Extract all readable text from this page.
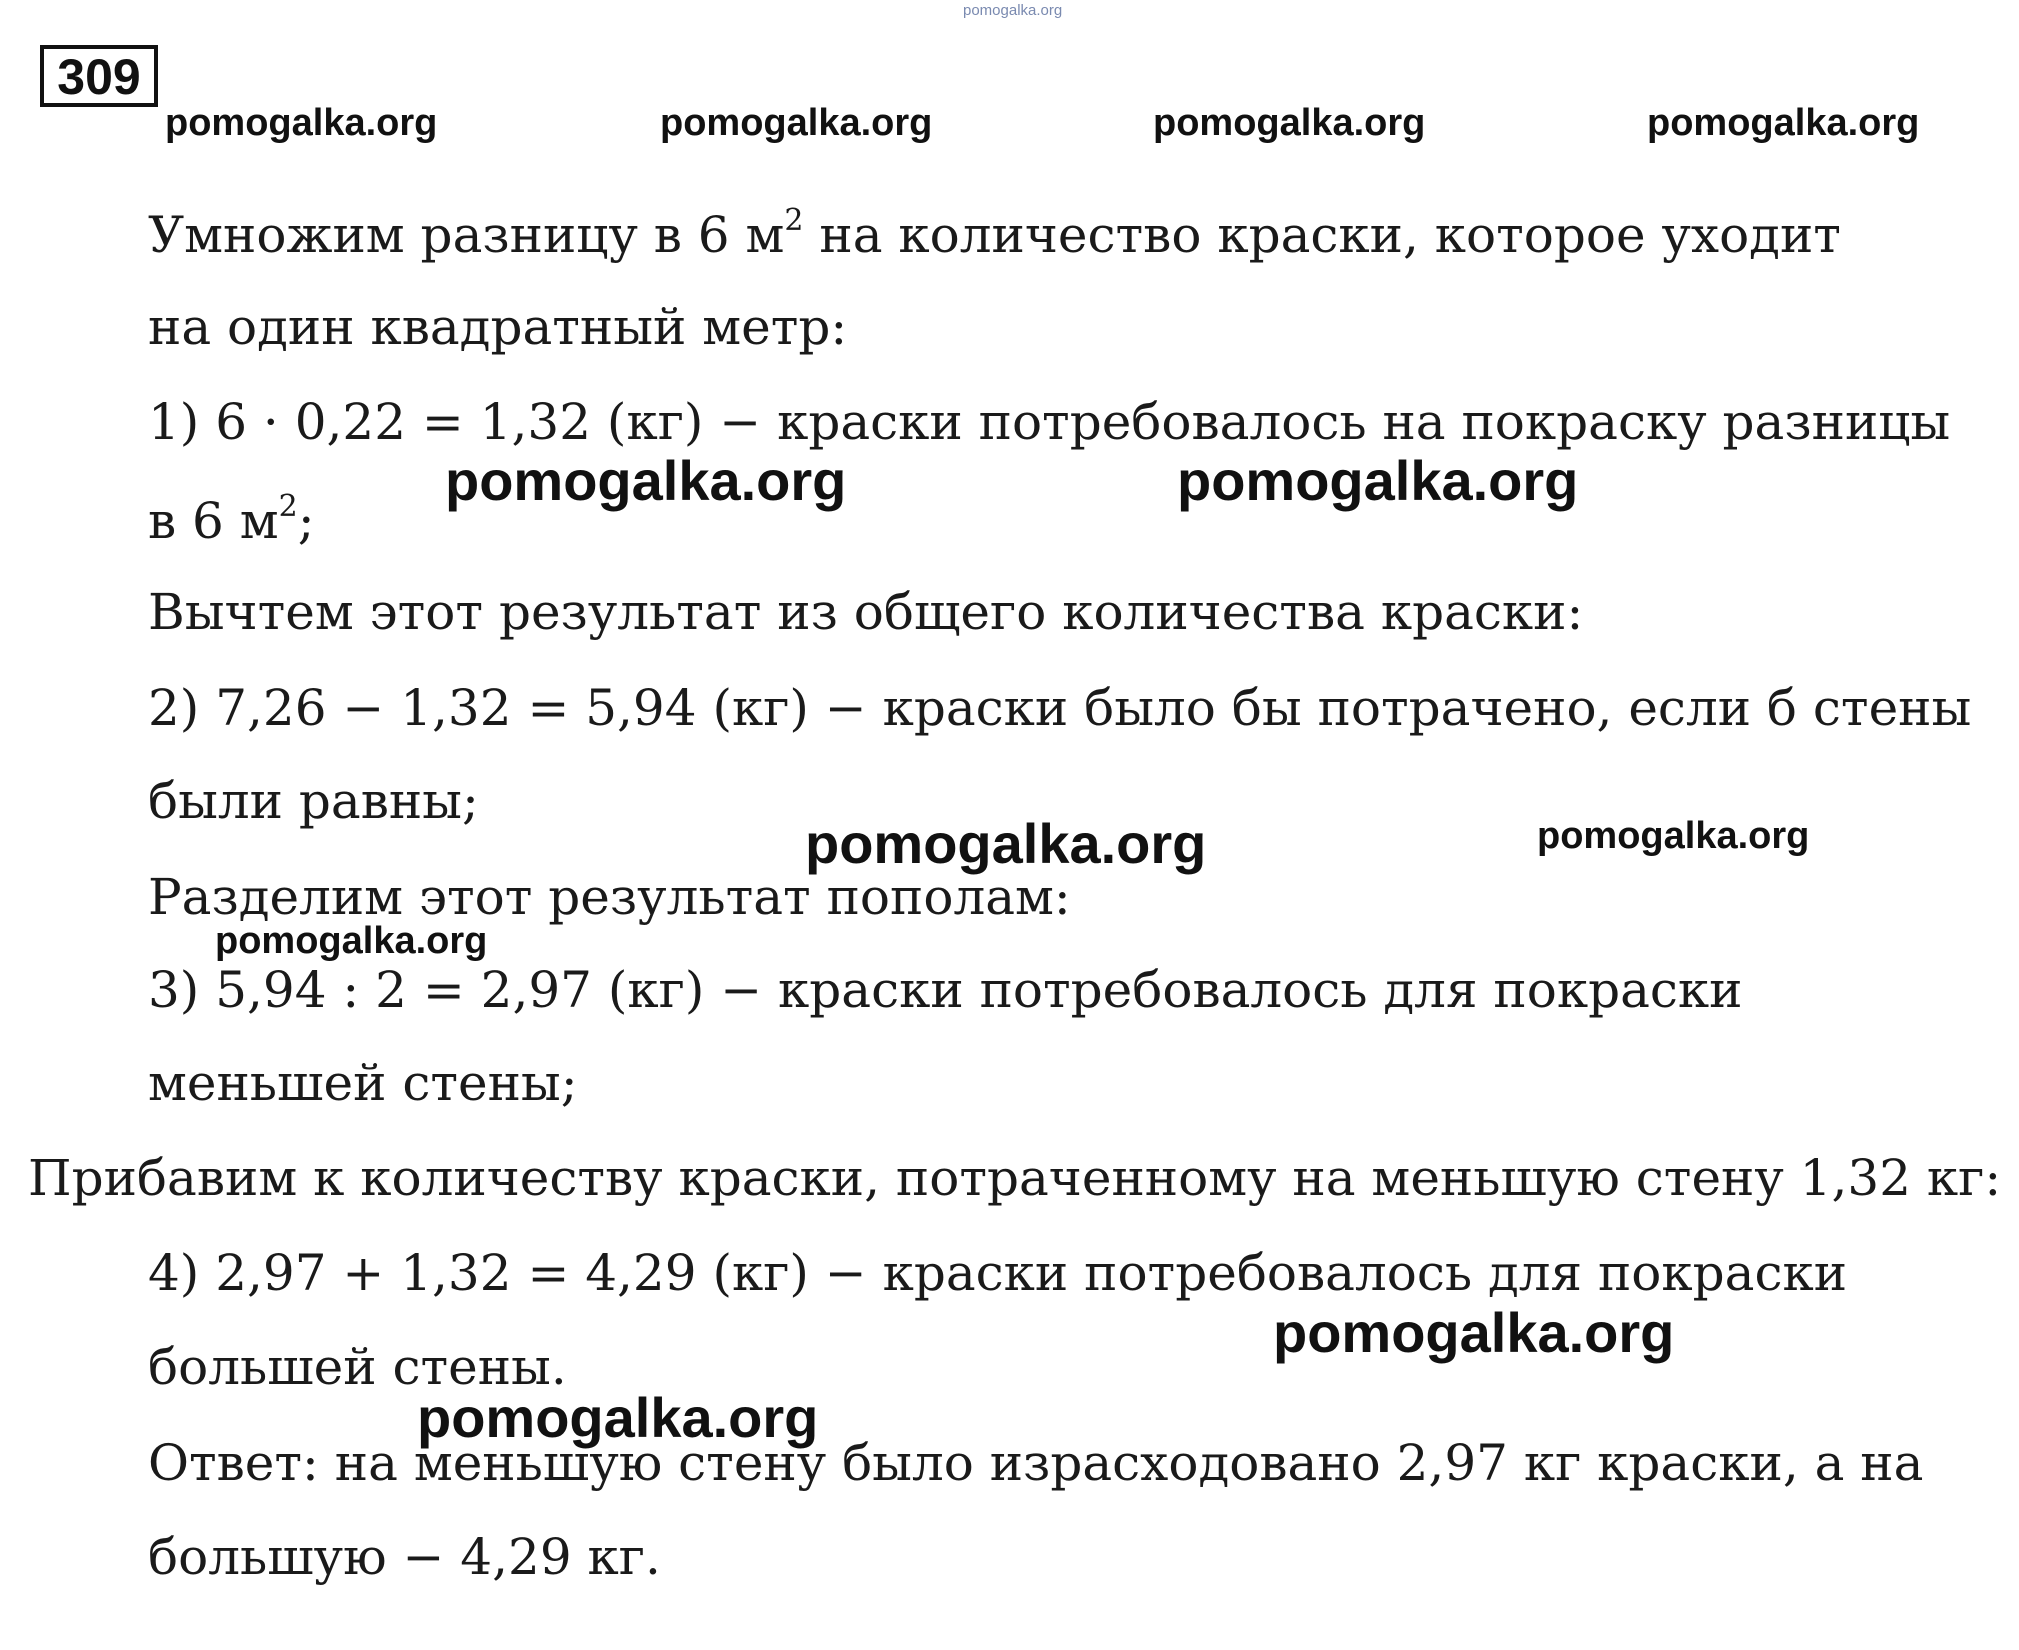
pomogalka.org
309
pomogalka.org	pomogalka.org	pomogalka.org	pomogalka.org
Умножим разницу в 6 $м^2$ на количество краски, которое уходит
на один квадратный метр:
1) 6 · 0,22 = 1,32 (кг) − краски потребовалось на покраску разницы
в 6 $м^2$;
Вычтем этот результат из общего количества краски:
2) 7,26 − 1,32 = 5,94 (кг) − краски было бы потрачено, если б стены
были равны;
Разделим этот результат пополам:
3) 5,94 : 2 = 2,97 (кг) − краски потребовалось для покраски
меньшей стены;
Прибавим к количеству краски, потраченному на меньшую стену 1,32 кг:
4) 2,97 + 1,32 = 4,29 (кг) − краски потребовалось для покраски
большей стены.
Ответ: на меньшую стену было израсходовано 2,97 кг краски, а на
большую − 4,29 кг.
pomogalka.org	pomogalka.org
pomogalka.org	pomogalka.org
pomogalka.org
pomogalka.org
pomogalka.org
